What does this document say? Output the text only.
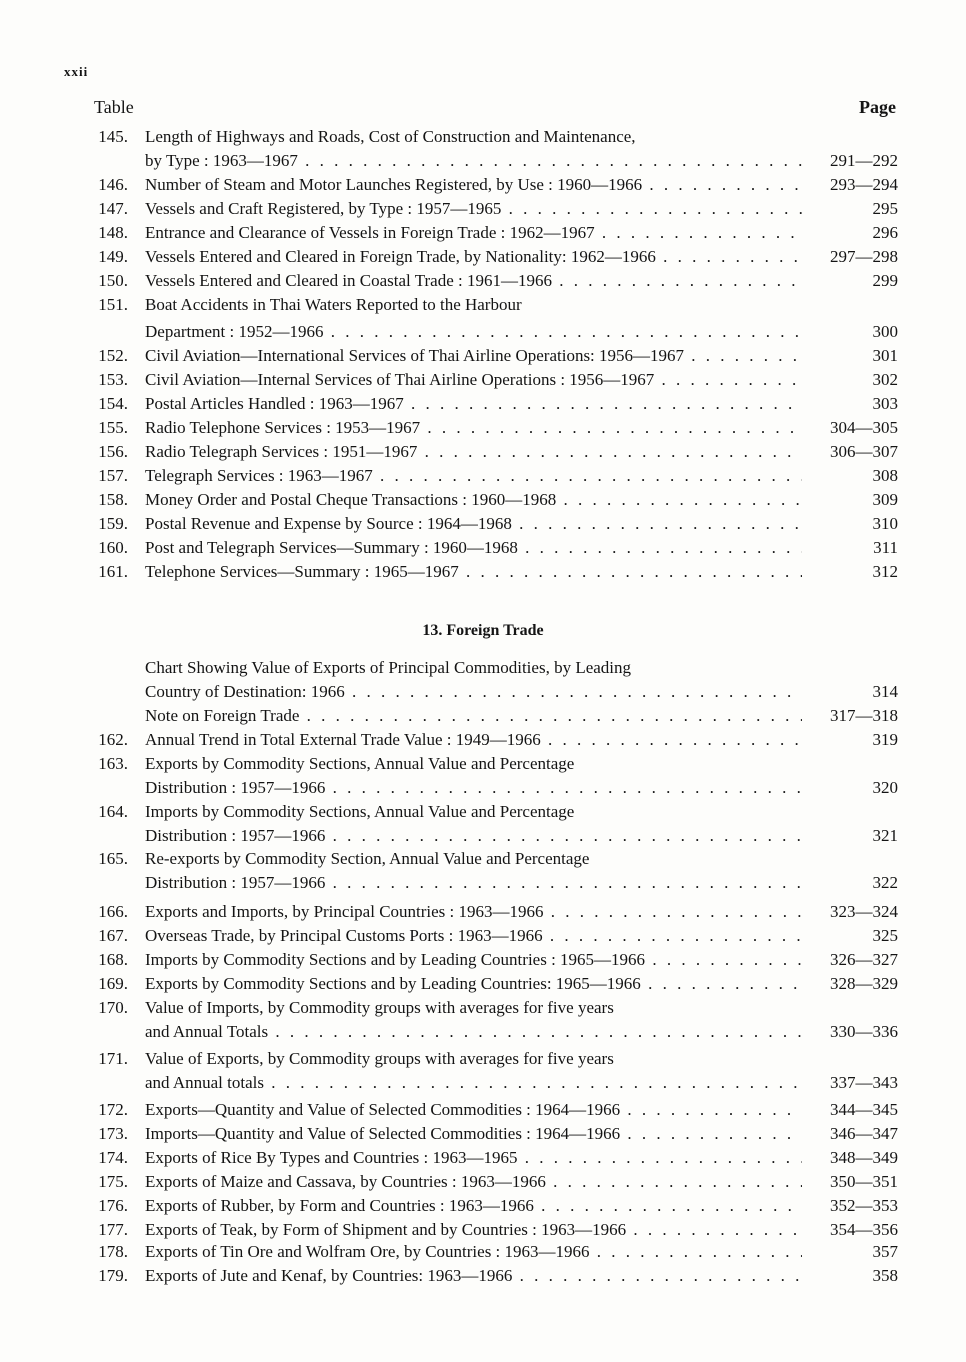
xxii
Table	Page
13. Foreign Trade
145. Length of Highways and Roads, Cost of Construction and Maintenance,
by Type : 1963—1967 . . .	291—292
146. Number of Steam and Motor Launches Registered, by Use : 1960—1966 . . .	293—294
147. Vessels and Craft Registered, by Type : 1957—1965 . . .	295
148. Entrance and Clearance of Vessels in Foreign Trade : 1962—1967 . . .	296
149. Vessels Entered and Cleared in Foreign Trade, by Nationality: 1962—1966 . . .	297—298
150. Vessels Entered and Cleared in Coastal Trade : 1961—1966 . . .	299
151. Boat Accidents in Thai Waters Reported to the Harbour
Department : 1952—1966 . . .	300
152. Civil Aviation—International Services of Thai Airline Operations: 1956—1967 . . .	301
153. Civil Aviation—Internal Services of Thai Airline Operations : 1956—1967 . . .	302
154. Postal Articles Handled : 1963—1967 . . .	303
155. Radio Telephone Services : 1953—1967 . . .	304—305
156. Radio Telegraph Services : 1951—1967 . . .	306—307
157. Telegraph Services : 1963—1967 . . .	308
158. Money Order and Postal Cheque Transactions : 1960—1968 . . .	309
159. Postal Revenue and Expense by Source : 1964—1968 . . .	310
160. Post and Telegraph Services—Summary : 1960—1968 . . .	311
161. Telephone Services—Summary : 1965—1967 . . .	312
Chart Showing Value of Exports of Principal Commodities, by Leading
Country of Destination: 1966 . . .	314
Note on Foreign Trade . . .	317—318
162. Annual Trend in Total External Trade Value : 1949—1966 . . .	319
163. Exports by Commodity Sections, Annual Value and Percentage
Distribution : 1957—1966 . . .	320
164. Imports by Commodity Sections, Annual Value and Percentage
Distribution : 1957—1966 . . .	321
165. Re-exports by Commodity Section, Annual Value and Percentage
Distribution : 1957—1966 . . .	322
166. Exports and Imports, by Principal Countries : 1963—1966 . . .	323—324
167. Overseas Trade, by Principal Customs Ports : 1963—1966 . . .	325
168. Imports by Commodity Sections and by Leading Countries : 1965—1966 . . .	326—327
169. Exports by Commodity Sections and by Leading Countries: 1965—1966 . . .	328—329
170. Value of Imports, by Commodity groups with averages for five years
and Annual Totals . . .	330—336
171. Value of Exports, by Commodity groups with averages for five years
and Annual totals . . .	337—343
172. Exports—Quantity and Value of Selected Commodities : 1964—1966 . . .	344—345
173. Imports—Quantity and Value of Selected Commodities : 1964—1966 . . .	346—347
174. Exports of Rice By Types and Countries : 1963—1965 . . .	348—349
175. Exports of Maize and Cassava, by Countries : 1963—1966 . . .	350—351
176. Exports of Rubber, by Form and Countries : 1963—1966 . . .	352—353
177. Exports of Teak, by Form of Shipment and by Countries : 1963—1966 . . .	354—356
178. Exports of Tin Ore and Wolfram Ore, by Countries : 1963—1966 . . .	357
179. Exports of Jute and Kenaf, by Countries: 1963—1966 . . .	358
